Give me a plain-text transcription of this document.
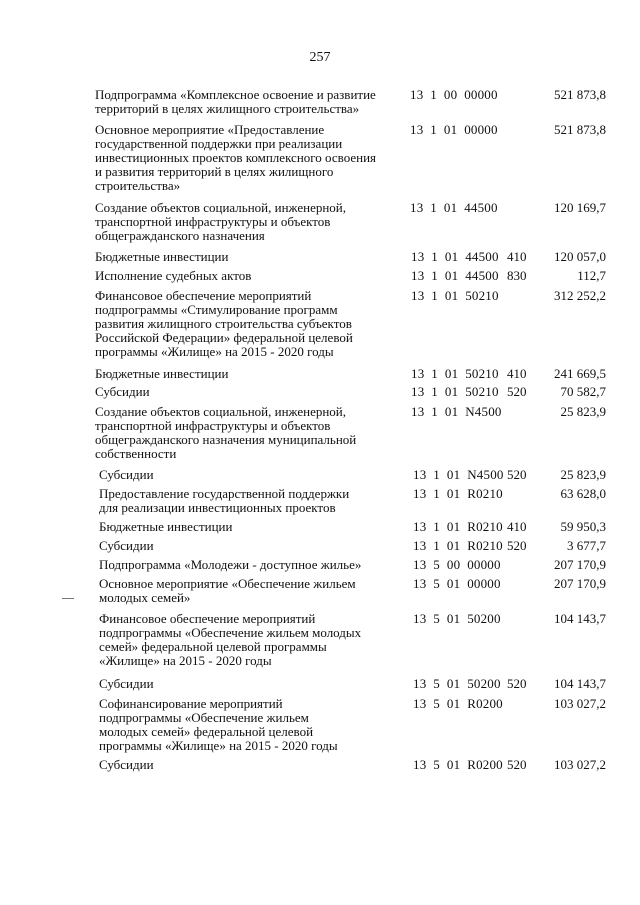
257
Подпрограмма «Комплексное освоение и развитие
территорий в целях жилищного строительства»
13  1  00  00000	521 873,8
Основное мероприятие «Предоставление
государственной поддержки при реализации
инвестиционных проектов комплексного освоения
и развития территорий в целях жилищного
строительства»
13  1  01  00000	521 873,8
Создание объектов социальной, инженерной,
транспортной инфраструктуры и объектов
общегражданского назначения
13  1  01  44500	120 169,7
Бюджетные инвестиции	13  1  01  44500 410	120 057,0
Исполнение судебных актов	13  1  01  44500 830	112,7
Финансовое обеспечение мероприятий
подпрограммы «Стимулирование программ
развития жилищного строительства субъектов
Российской Федерации» федеральной целевой
программы «Жилище» на 2015 - 2020 годы
13  1  01  50210	312 252,2
Бюджетные инвестиции	13  1  01  50210 410	241 669,5
Субсидии	13  1  01  50210 520	70 582,7
Создание объектов социальной, инженерной,
транспортной инфраструктуры и объектов
общегражданского назначения муниципальной
собственности
13  1  01  N4500	25 823,9
Субсидии	13  1  01  N4500 520	25 823,9
Предоставление государственной поддержки
для реализации инвестиционных проектов
13  1  01  R0210	63 628,0
Бюджетные инвестиции	13  1  01  R0210 410	59 950,3
Субсидии	13  1  01  R0210 520	3 677,7
Подпрограмма «Молодежи - доступное жилье»	13  5  00  00000	207 170,9
Основное мероприятие «Обеспечение жильем
молодых семей»
13  5  01  00000	207 170,9
Финансовое обеспечение мероприятий
подпрограммы «Обеспечение жильем молодых
семей» федеральной целевой программы
«Жилище» на 2015 - 2020 годы
13  5  01  50200	104 143,7
Субсидии	13  5  01  50200 520	104 143,7
Софинансирование мероприятий
подпрограммы «Обеспечение жильем
молодых семей» федеральной целевой
программы «Жилище» на 2015 - 2020 годы
13  5  01  R0200	103 027,2
Субсидии	13  5  01  R0200 520	103 027,2
